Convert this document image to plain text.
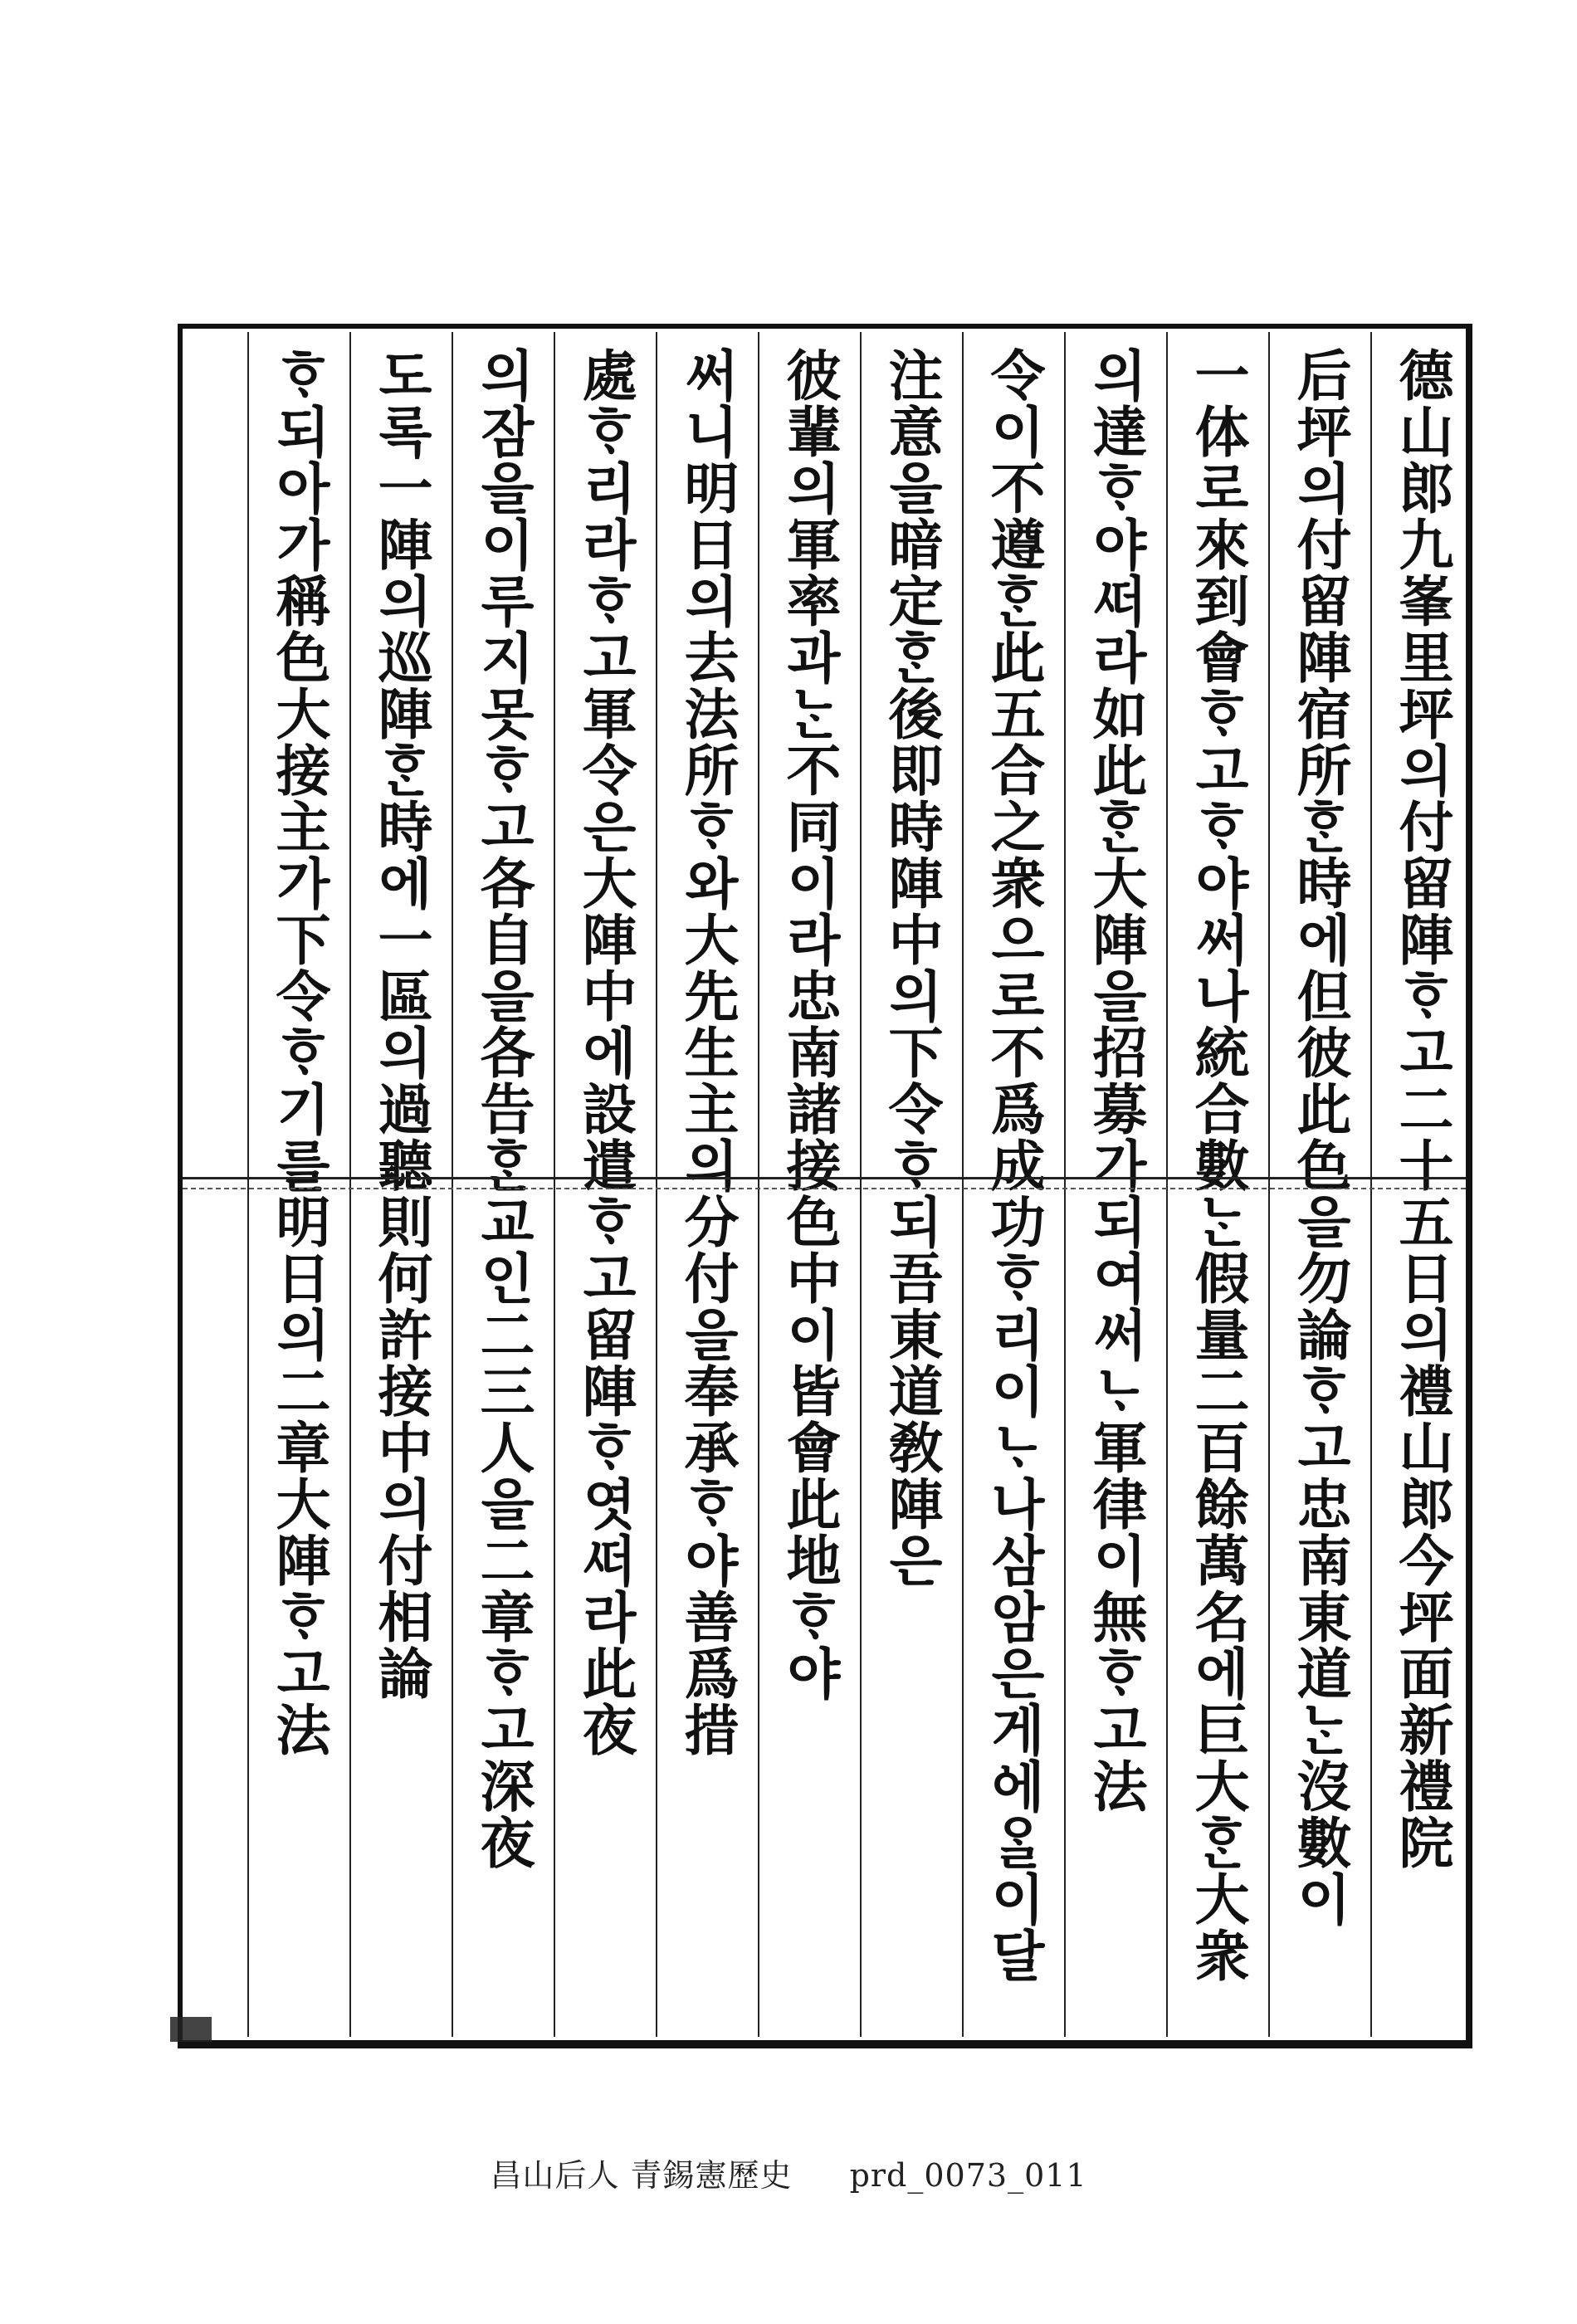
德山郎九峯里坪의付留陣ᄒᆞ고二十五日의禮山郎今坪面新禮院
后坪의付留陣宿所ᄒᆞᆫ時에但彼此色을勿論ᄒᆞ고忠南東道ᄂᆞᆫ沒數이
一体로來到會ᄒᆞ고ᄒᆞ야써나統合數ᄂᆞᆫ假量二百餘萬名에巨大ᄒᆞᆫ大衆
의達ᄒᆞ야ᄯᅥ라如此ᄒᆞᆫ大陣을招募가되여써ᄂᆞ軍律이無ᄒᆞ고法
令이不遵ᄒᆞᆫ此五合之衆으로不爲成功ᄒᆞ리이ᄂᆞ나삼암은게ᅌᅦᄋᆞᆯ이달
注意을暗定ᄒᆞᆫ後即時陣中의下令ᄒᆞ되吾東道敎陣은
彼輩의軍率과ᄂᆞᆫ不同이라忠南諸接色中이皆會此地ᄒᆞ야
써니明日의去法所ᄒᆞ와大先生主의分付을奉承ᄒᆞ야善爲措
處ᄒᆞ리라ᄒᆞ고軍令은大陣中에設遣ᄒᆞ고留陣ᄒᆞ엿ᄯᅥ라此夜
의잠을이루지못ᄒᆞ고各自을各告ᄒᆞᆫ교인二三人을二章ᄒᆞ고深夜
도록一陣의巡陣ᄒᆞᆫ時에一區의過聽則何許接中의付相論
ᄒᆞ되아가稱色大接主가下令ᄒᆞ기를明日의二章大陣ᄒᆞ고法
昌山后人 青錫憲歷史 prd_0073_011
